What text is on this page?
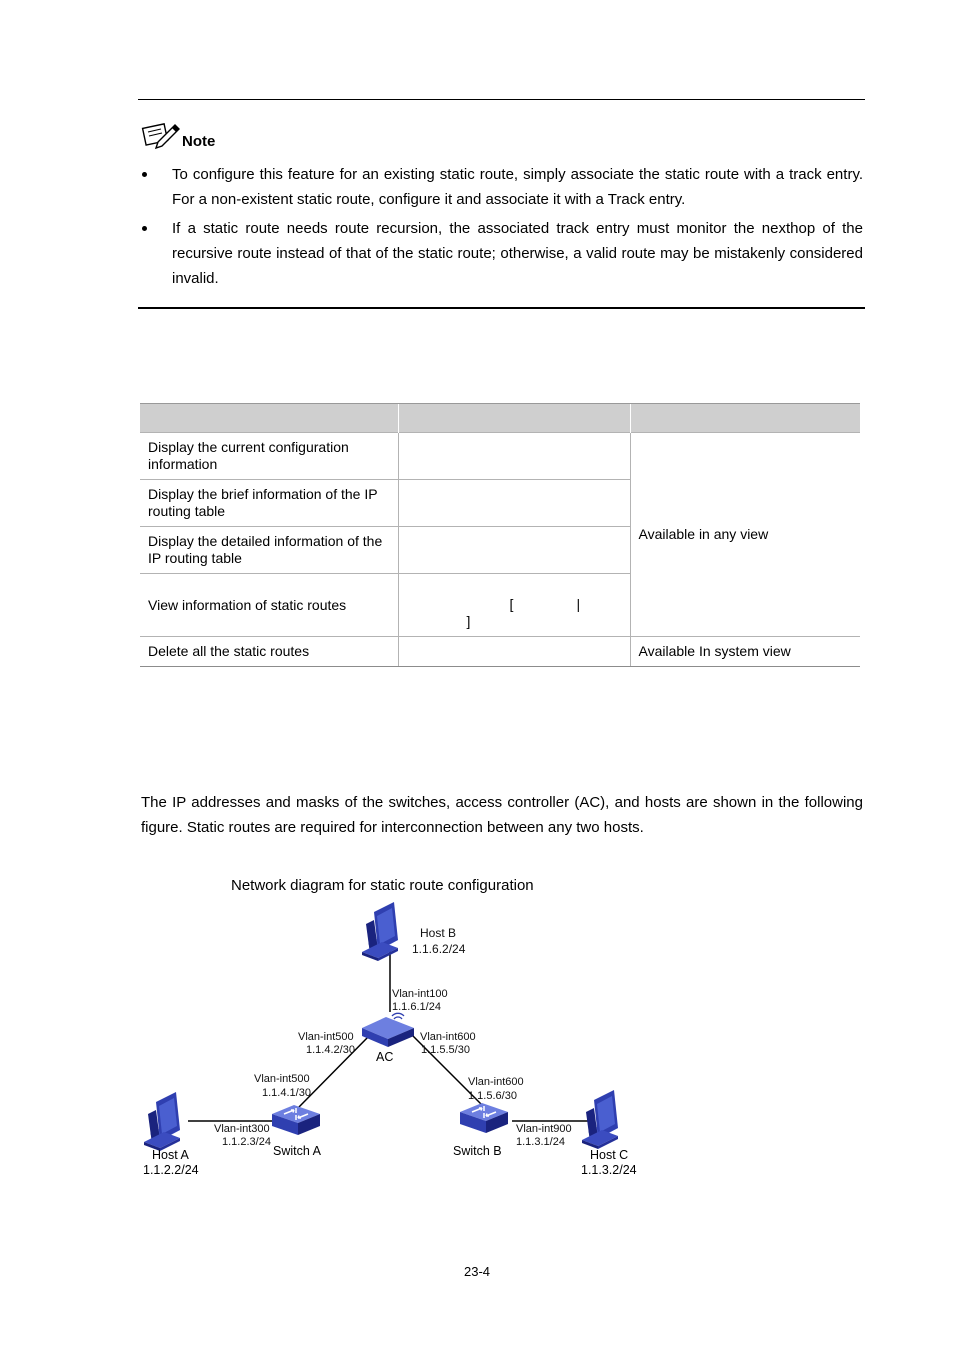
Note
To configure this feature for an existing static route, simply associate the static route with a track entry. For a non-existent static route, configure it and associate it with a Track entry.
If a static route needs route recursion, the associated track entry must monitor the nexthop of the recursive route instead of that of the static route; otherwise, a valid route may be mistakenly considered invalid.

Display the current configuration information		Available in any view
Display the brief information of the IP routing table		
Display the detailed information of the IP routing table		
View information of static routes	[ |
]	

Delete all the static routes		Available In system view

The IP addresses and masks of the switches, access controller (AC), and hosts are shown in the following figure. Static routes are required for interconnection between any two hosts.

Network diagram for static route configuration

Host B
1.1.6.2/24
Vlan-int100
1.1.6.1/24
Vlan-int500
1.1.4.2/30
Vlan-int600
1.1.5.5/30
AC
Vlan-int500
1.1.4.1/30
Vlan-int600
1.1.5.6/30
Vlan-int300
1.1.2.3/24
Vlan-int900
1.1.3.1/24
Switch A	Switch B
Host A
1.1.2.2/24
Host C
1.1.3.2/24
23-4
